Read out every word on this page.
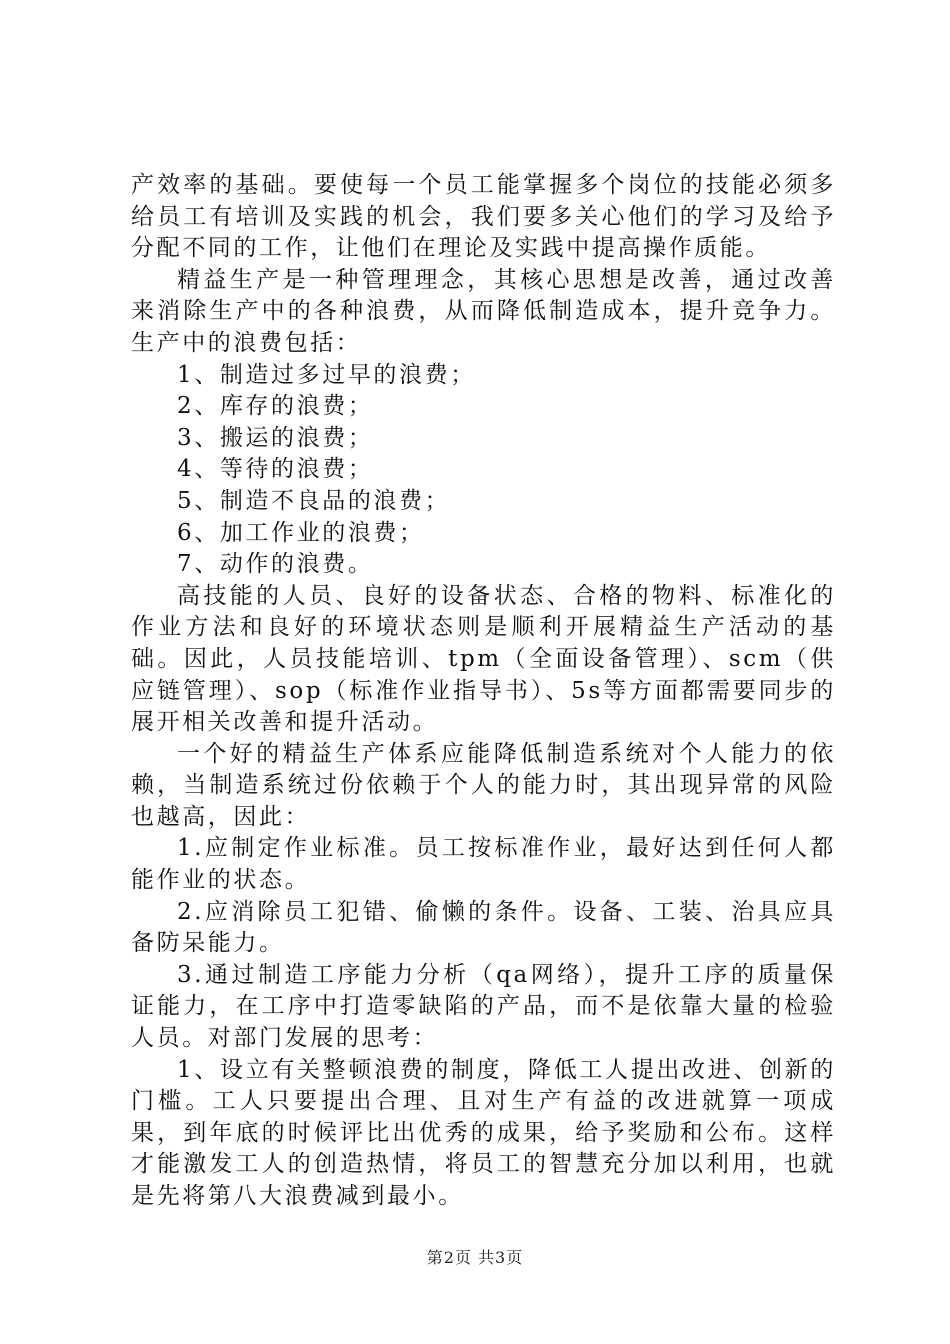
产效率的基础。要使每一个员工能掌握多个岗位的技能必须多给员工有培训及实践的机会，我们要多关心他们的学习及给予分配不同的工作，让他们在理论及实践中提高操作质能。

精益生产是一种管理理念，其核心思想是改善，通过改善来消除生产中的各种浪费，从而降低制造成本，提升竞争力。生产中的浪费包括：

1、制造过多过早的浪费；

2、库存的浪费；

3、搬运的浪费；

4、等待的浪费；

5、制造不良品的浪费；

6、加工作业的浪费；

7、动作的浪费。

高技能的人员、良好的设备状态、合格的物料、标准化的作业方法和良好的环境状态则是顺利开展精益生产活动的基础。因此，人员技能培训、tpm（全面设备管理）、scm（供应链管理）、sop（标准作业指导书）、5s等方面都需要同步的展开相关改善和提升活动。

一个好的精益生产体系应能降低制造系统对个人能力的依赖，当制造系统过份依赖于个人的能力时，其出现异常的风险也越高，因此：

1.应制定作业标准。员工按标准作业，最好达到任何人都能作业的状态。

2.应消除员工犯错、偷懒的条件。设备、工装、治具应具备防呆能力。

3.通过制造工序能力分析（qa网络），提升工序的质量保证能力，在工序中打造零缺陷的产品，而不是依靠大量的检验人员。对部门发展的思考：

1、设立有关整顿浪费的制度，降低工人提出改进、创新的门槛。工人只要提出合理、且对生产有益的改进就算一项成果，到年底的时候评比出优秀的成果，给予奖励和公布。这样才能激发工人的创造热情，将员工的智慧充分加以利用，也就是先将第八大浪费减到最小。

第2页 共3页
